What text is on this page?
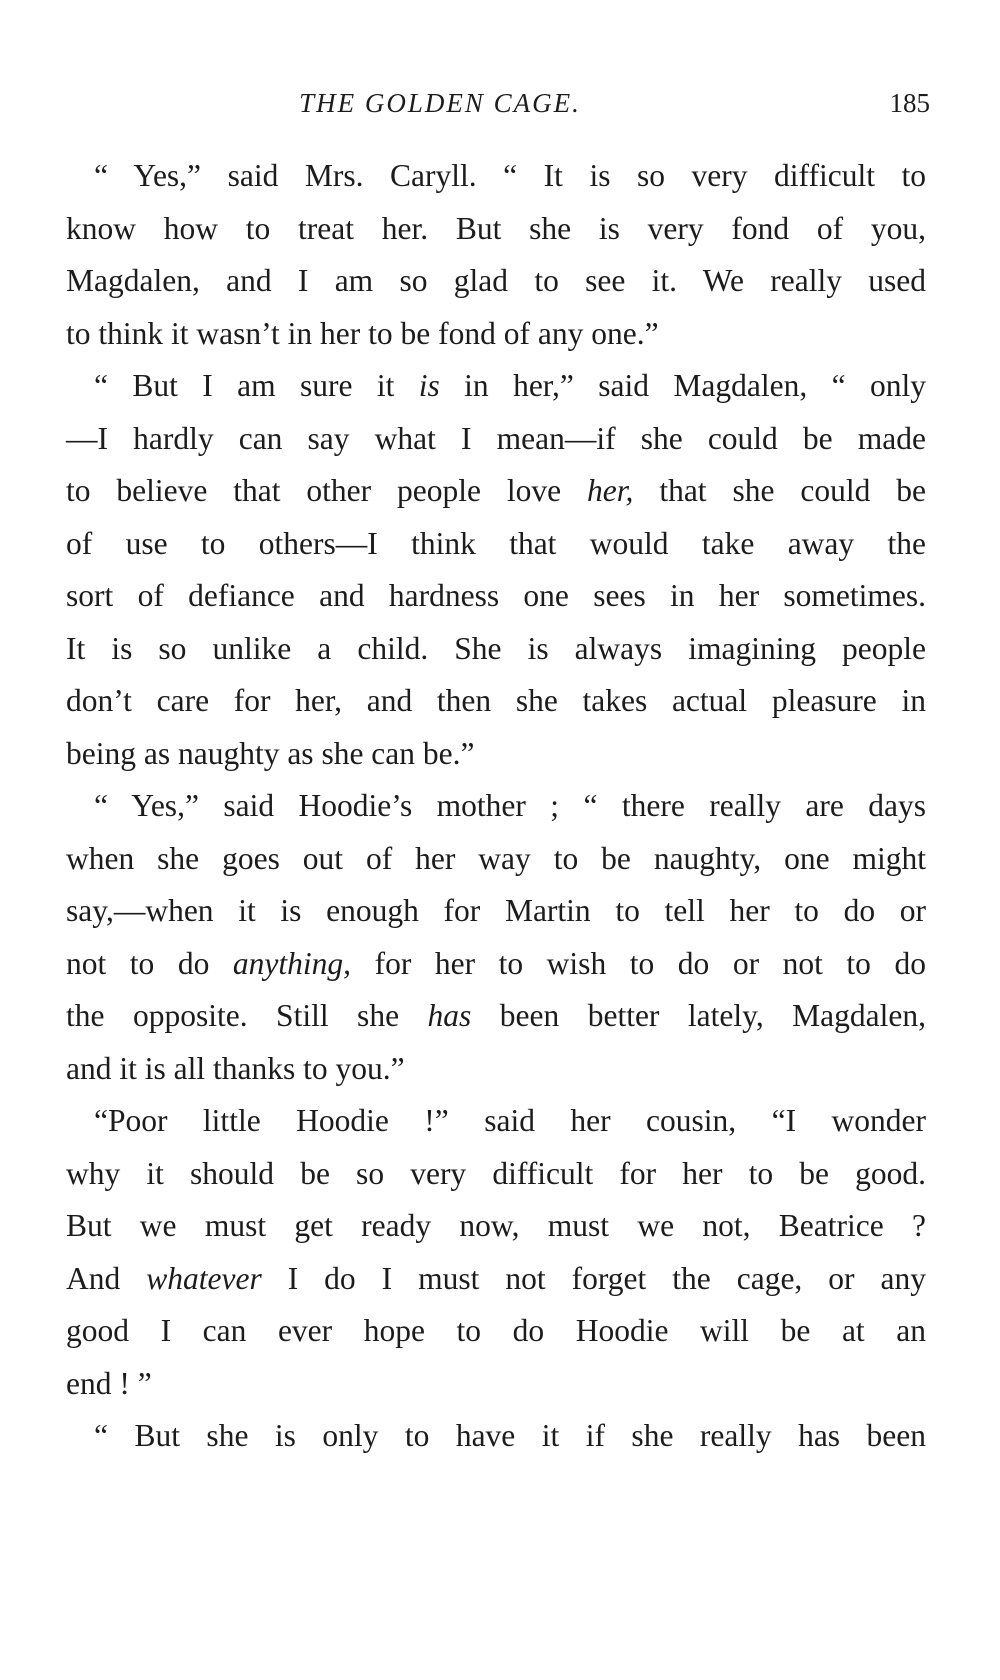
THE GOLDEN CAGE.	185
“ Yes,” said Mrs. Caryll. “ It is so very difficult to
know how to treat her. But she is very fond of you,
Magdalen, and I am so glad to see it. We really used
to think it wasn’t in her to be fond of any one.”
“ But I am sure it is in her,” said Magdalen, “ only
—I hardly can say what I mean—if she could be made
to believe that other people love her, that she could be
of use to others—I think that would take away the
sort of defiance and hardness one sees in her sometimes.
It is so unlike a child. She is always imagining people
don’t care for her, and then she takes actual pleasure in
being as naughty as she can be.”
“ Yes,” said Hoodie’s mother ; “ there really are days
when she goes out of her way to be naughty, one might
say,—when it is enough for Martin to tell her to do or
not to do anything, for her to wish to do or not to do
the opposite. Still she has been better lately, Magdalen,
and it is all thanks to you.”
“Poor little Hoodie !” said her cousin, “I wonder
why it should be so very difficult for her to be good.
But we must get ready now, must we not, Beatrice ?
And whatever I do I must not forget the cage, or any
good I can ever hope to do Hoodie will be at an
end ! ”
“ But she is only to have it if she really has been
